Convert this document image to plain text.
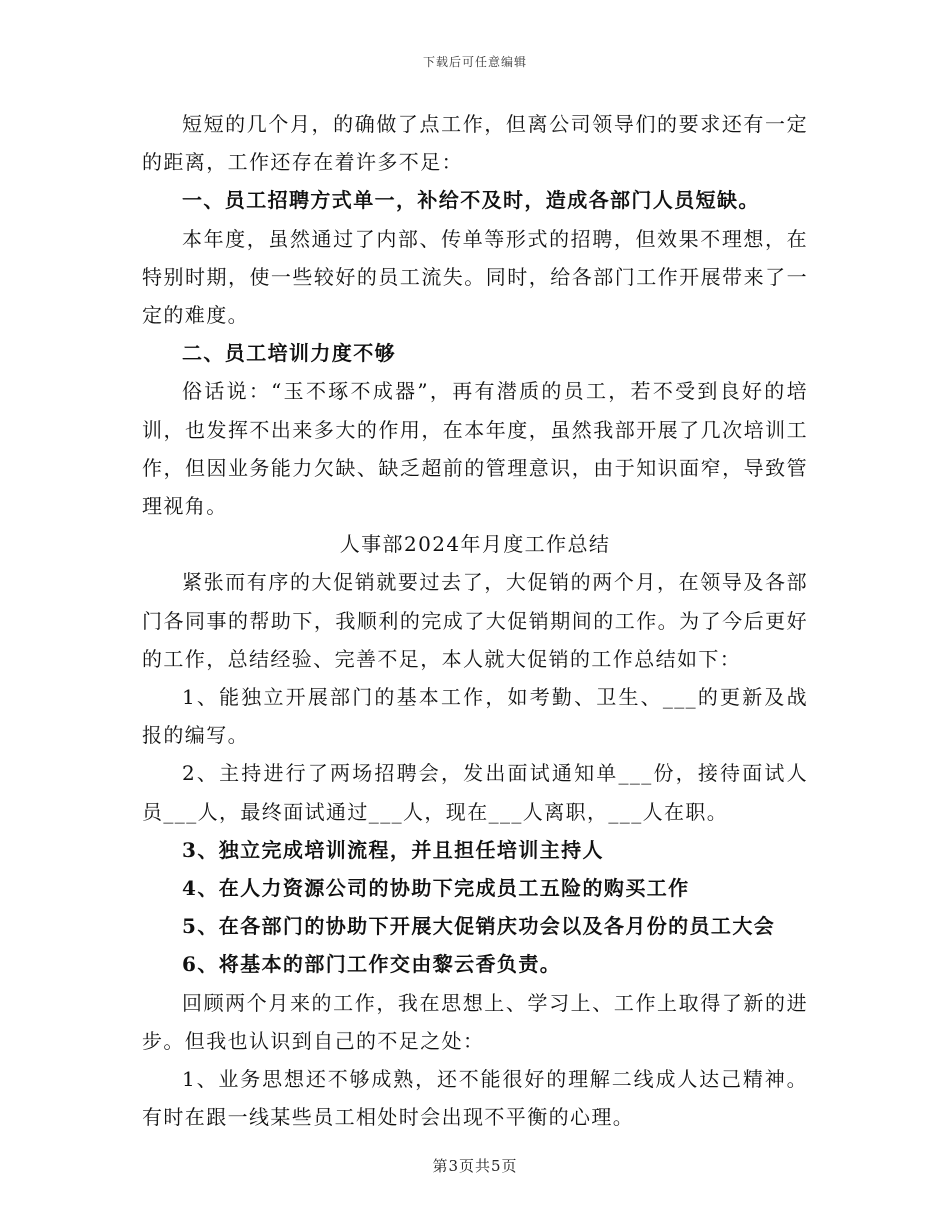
下载后可任意编辑

短短的几个月，的确做了点工作，但离公司领导们的要求还有一定的距离，工作还存在着许多不足：

一、员工招聘方式单一，补给不及时，造成各部门人员短缺。

本年度，虽然通过了内部、传单等形式的招聘，但效果不理想，在特别时期，使一些较好的员工流失。同时，给各部门工作开展带来了一定的难度。

二、员工培训力度不够

俗话说：“玉不琢不成器”，再有潜质的员工，若不受到良好的培训，也发挥不出来多大的作用，在本年度，虽然我部开展了几次培训工作，但因业务能力欠缺、缺乏超前的管理意识，由于知识面窄，导致管理视角。

人事部2024年月度工作总结

紧张而有序的大促销就要过去了，大促销的两个月，在领导及各部门各同事的帮助下，我顺利的完成了大促销期间的工作。为了今后更好的工作，总结经验、完善不足，本人就大促销的工作总结如下：

1、能独立开展部门的基本工作，如考勤、卫生、___的更新及战报的编写。

2、主持进行了两场招聘会，发出面试通知单___份，接待面试人员___人，最终面试通过___人，现在___人离职，___人在职。

3、独立完成培训流程，并且担任培训主持人

4、在人力资源公司的协助下完成员工五险的购买工作

5、在各部门的协助下开展大促销庆功会以及各月份的员工大会

6、将基本的部门工作交由黎云香负责。

回顾两个月来的工作，我在思想上、学习上、工作上取得了新的进步。但我也认识到自己的不足之处：

1、业务思想还不够成熟，还不能很好的理解二线成人达己精神。有时在跟一线某些员工相处时会出现不平衡的心理。

第3页共5页
